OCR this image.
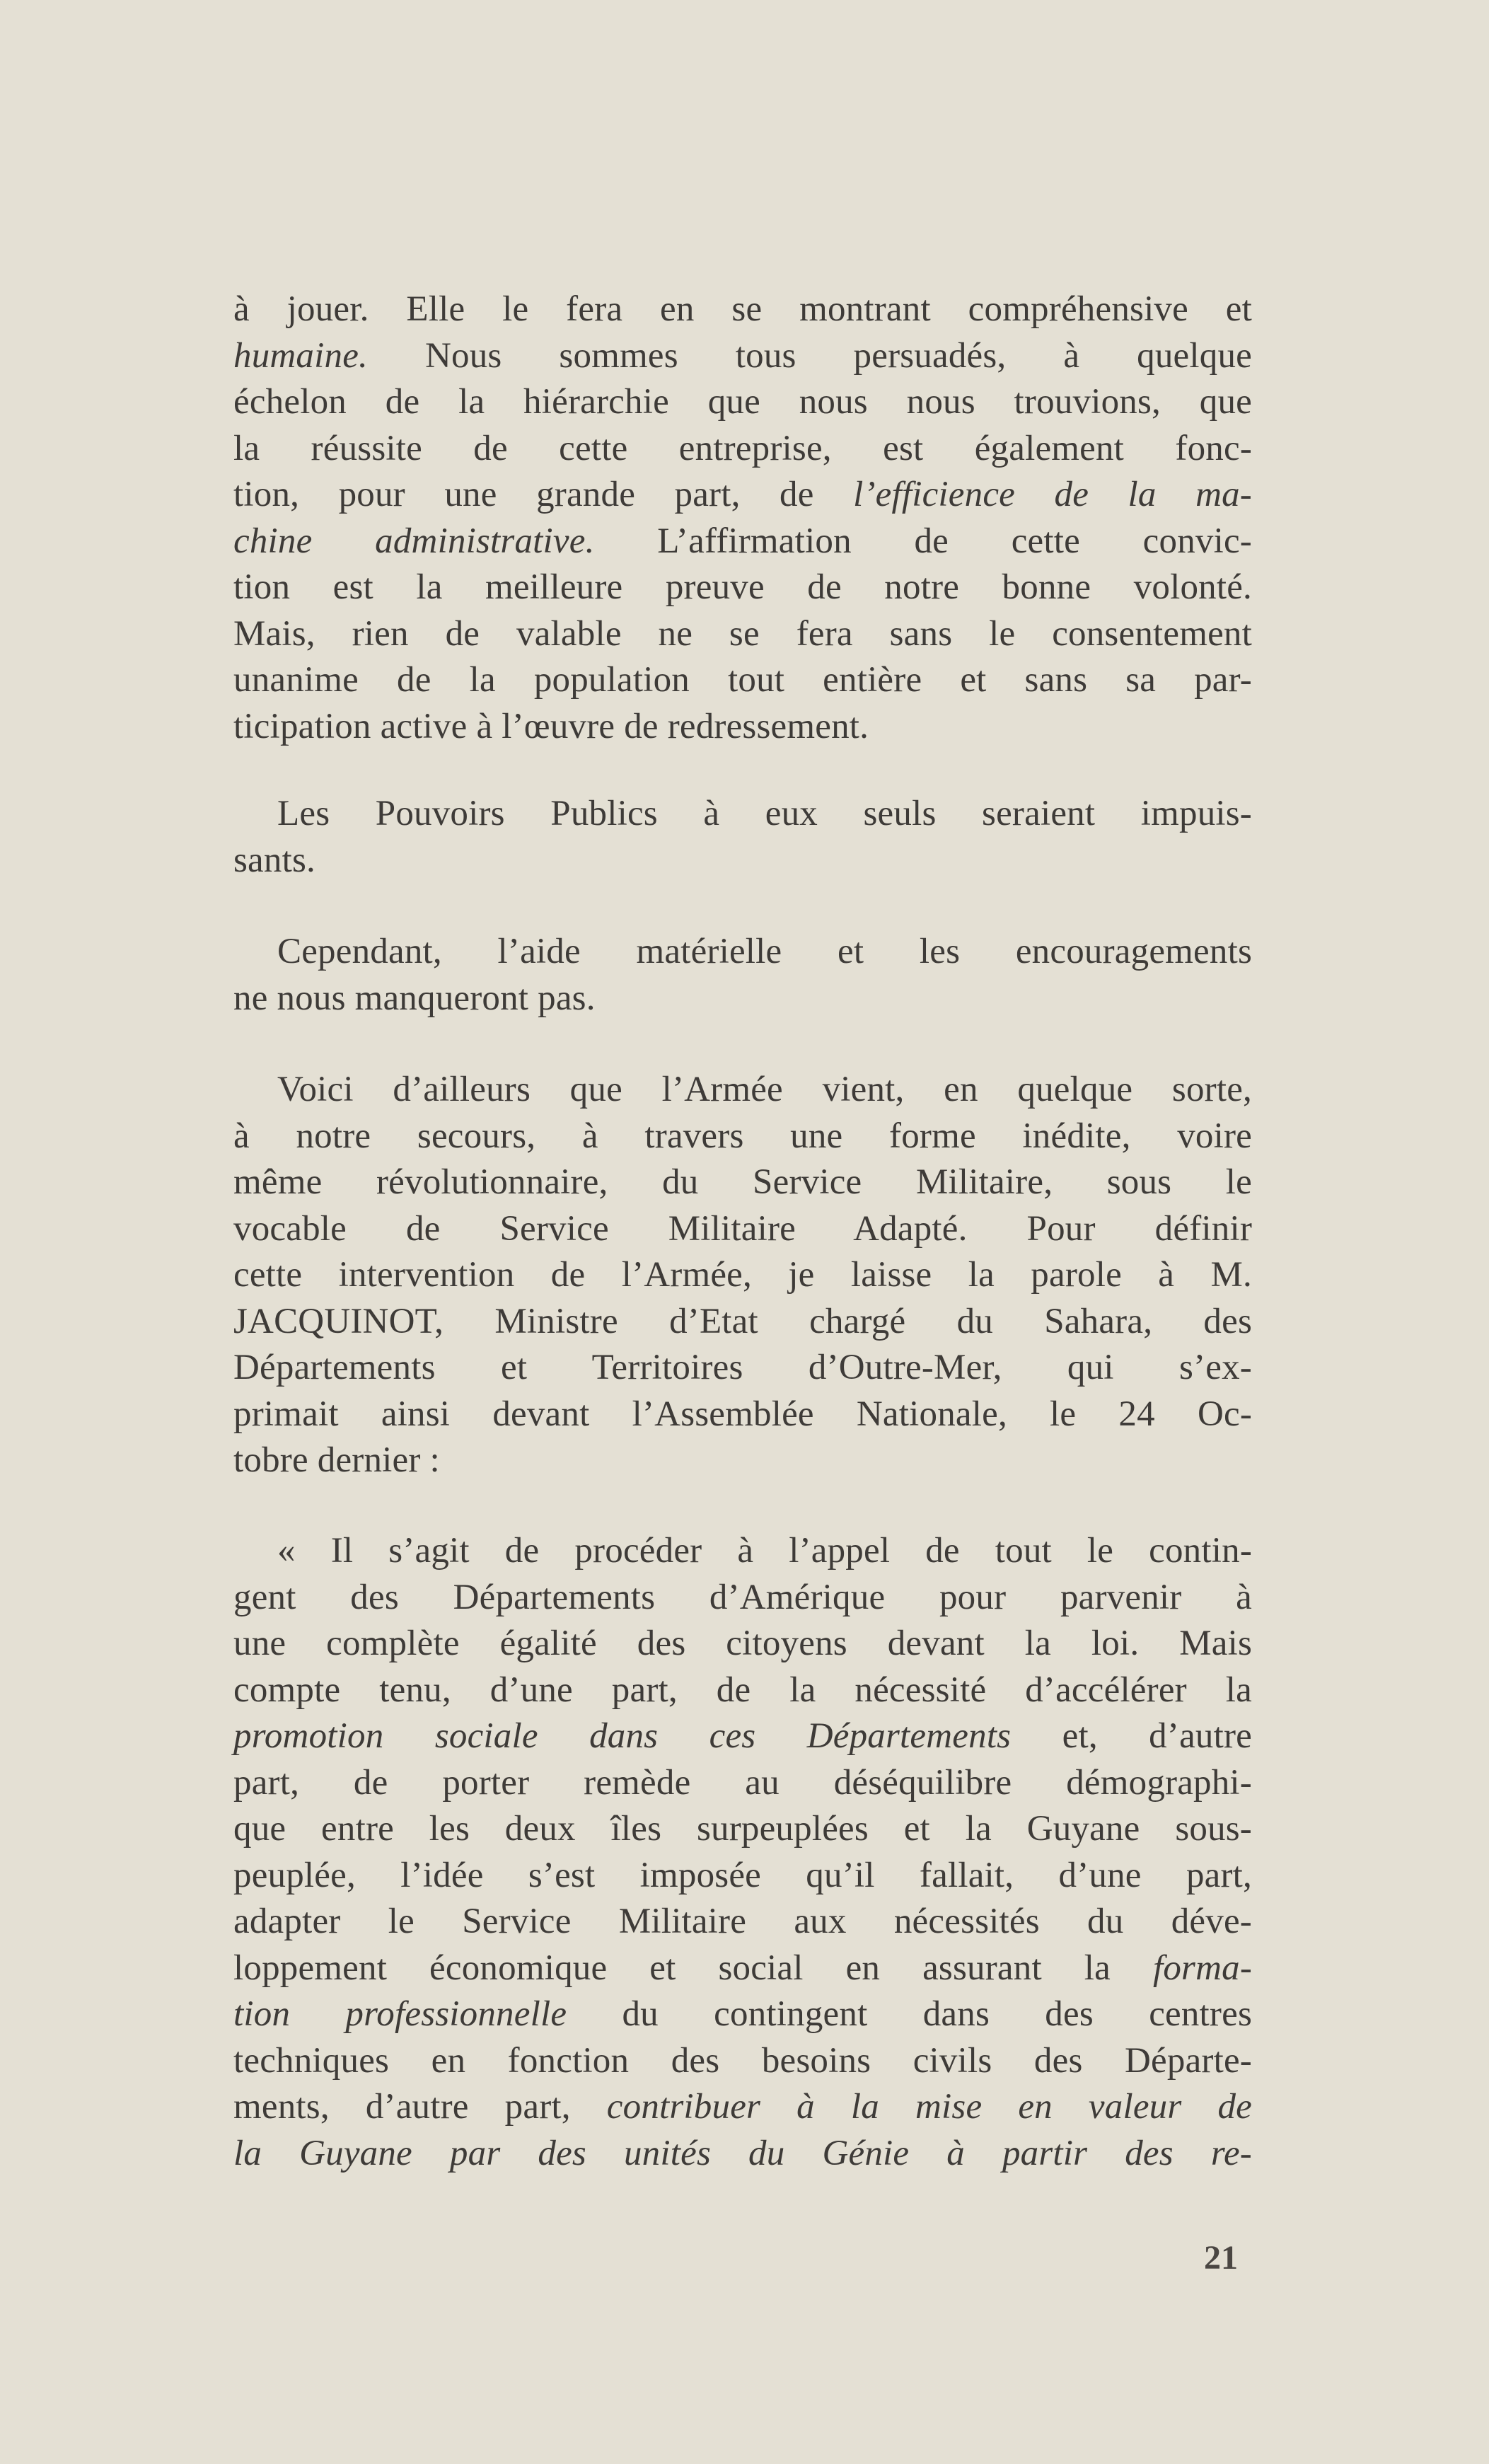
à jouer. Elle le fera en se montrant compréhensive et
humaine. Nous sommes tous persuadés, à quelque
échelon de la hiérarchie que nous nous trouvions, que
la réussite de cette entreprise, est également fonc-
tion, pour une grande part, de l’efficience de la ma-
chine administrative. L’affirmation de cette convic-
tion est la meilleure preuve de notre bonne volonté.
Mais, rien de valable ne se fera sans le consentement
unanime de la population tout entière et sans sa par-
ticipation active à l’œuvre de redressement.
Les Pouvoirs Publics à eux seuls seraient impuis-
sants.
Cependant, l’aide matérielle et les encouragements
ne nous manqueront pas.
Voici d’ailleurs que l’Armée vient, en quelque sorte,
à notre secours, à travers une forme inédite, voire
même révolutionnaire, du Service Militaire, sous le
vocable de Service Militaire Adapté. Pour définir
cette intervention de l’Armée, je laisse la parole à M.
JACQUINOT, Ministre d’Etat chargé du Sahara, des
Départements et Territoires d’Outre-Mer, qui s’ex-
primait ainsi devant l’Assemblée Nationale, le 24 Oc-
tobre dernier :
« Il s’agit de procéder à l’appel de tout le contin-
gent des Départements d’Amérique pour parvenir à
une complète égalité des citoyens devant la loi. Mais
compte tenu, d’une part, de la nécessité d’accélérer la
promotion sociale dans ces Départements et, d’autre
part, de porter remède au déséquilibre démographi-
que entre les deux îles surpeuplées et la Guyane sous-
peuplée, l’idée s’est imposée qu’il fallait, d’une part,
adapter le Service Militaire aux nécessités du déve-
loppement économique et social en assurant la forma-
tion professionnelle du contingent dans des centres
techniques en fonction des besoins civils des Départe-
ments, d’autre part, contribuer à la mise en valeur de
la Guyane par des unités du Génie à partir des re-
21
